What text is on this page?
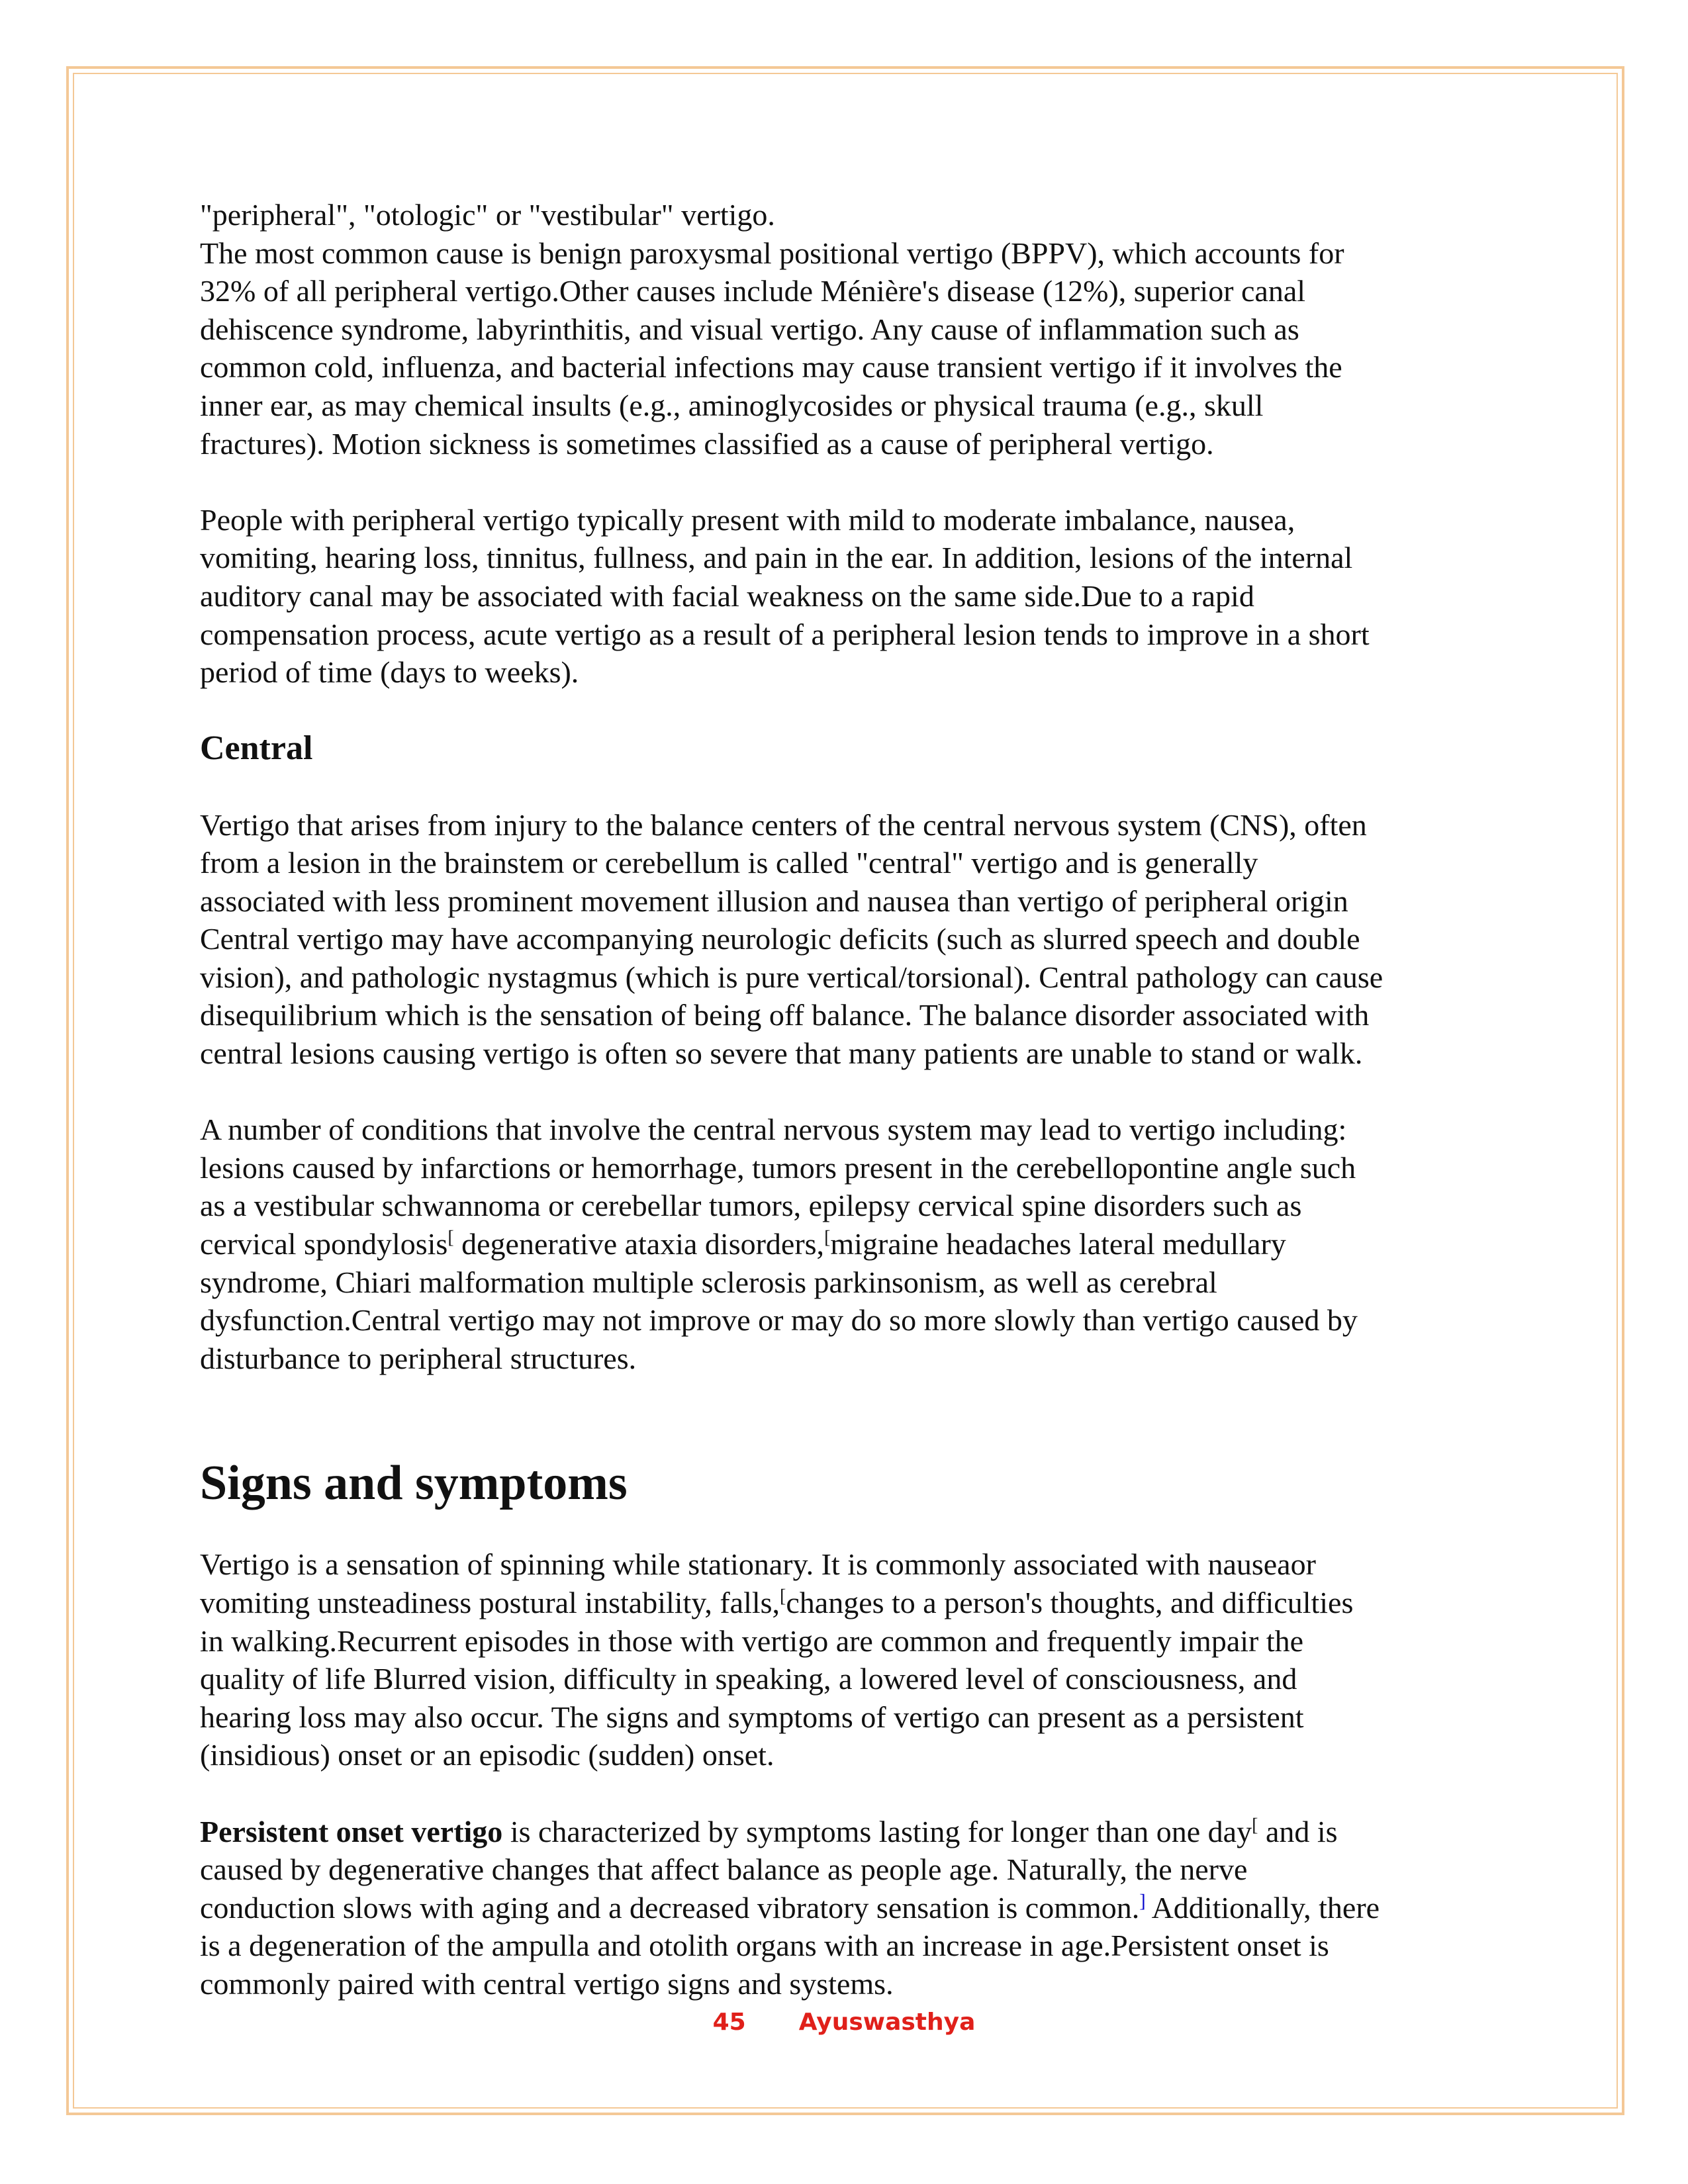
"peripheral", "otologic" or "vestibular" vertigo.
The most common cause is benign paroxysmal positional vertigo (BPPV), which accounts for
32% of all peripheral vertigo.Other causes include Ménière's disease (12%), superior canal
dehiscence syndrome, labyrinthitis, and visual vertigo. Any cause of inflammation such as
common cold, influenza, and bacterial infections may cause transient vertigo if it involves the
inner ear, as may chemical insults (e.g., aminoglycosides or physical trauma (e.g., skull
fractures). Motion sickness is sometimes classified as a cause of peripheral vertigo.

People with peripheral vertigo typically present with mild to moderate imbalance, nausea,
vomiting, hearing loss, tinnitus, fullness, and pain in the ear. In addition, lesions of the internal
auditory canal may be associated with facial weakness on the same side.Due to a rapid
compensation process, acute vertigo as a result of a peripheral lesion tends to improve in a short
period of time (days to weeks).

Central

Vertigo that arises from injury to the balance centers of the central nervous system (CNS), often
from a lesion in the brainstem or cerebellum is called "central" vertigo and is generally
associated with less prominent movement illusion and nausea than vertigo of peripheral origin
Central vertigo may have accompanying neurologic deficits (such as slurred speech and double
vision), and pathologic nystagmus (which is pure vertical/torsional). Central pathology can cause
disequilibrium which is the sensation of being off balance. The balance disorder associated with
central lesions causing vertigo is often so severe that many patients are unable to stand or walk.

A number of conditions that involve the central nervous system may lead to vertigo including:
lesions caused by infarctions or hemorrhage, tumors present in the cerebellopontine angle such
as a vestibular schwannoma or cerebellar tumors, epilepsy cervical spine disorders such as
cervical spondylosis[ degenerative ataxia disorders,[migraine headaches lateral medullary
syndrome, Chiari malformation multiple sclerosis parkinsonism, as well as cerebral
dysfunction.Central vertigo may not improve or may do so more slowly than vertigo caused by
disturbance to peripheral structures.

Signs and symptoms

Vertigo is a sensation of spinning while stationary. It is commonly associated with nauseaor
vomiting unsteadiness postural instability, falls,[changes to a person's thoughts, and difficulties
in walking.Recurrent episodes in those with vertigo are common and frequently impair the
quality of life Blurred vision, difficulty in speaking, a lowered level of consciousness, and
hearing loss may also occur. The signs and symptoms of vertigo can present as a persistent
(insidious) onset or an episodic (sudden) onset.

Persistent onset vertigo is characterized by symptoms lasting for longer than one day[ and is
caused by degenerative changes that affect balance as people age. Naturally, the nerve
conduction slows with aging and a decreased vibratory sensation is common.] Additionally, there
is a degeneration of the ampulla and otolith organs with an increase in age.Persistent onset is
commonly paired with central vertigo signs and systems.

45 Ayuswasthya
